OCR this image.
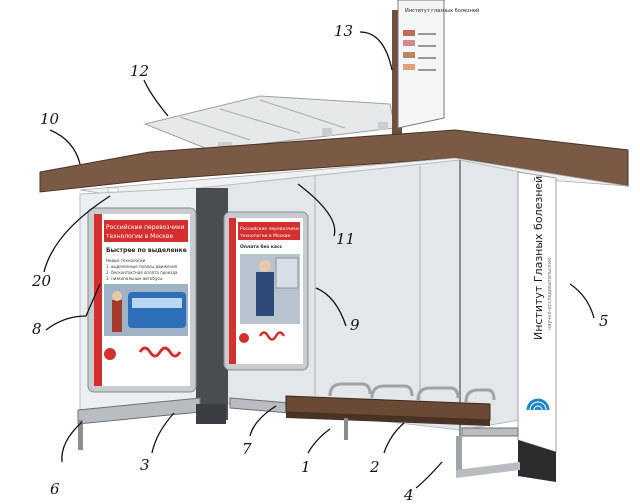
Институт глазных болезней
Российские перевозчики
технологии в Москве
Быстрее по выделенке
Новые технологии
1. выделенные полосы движения
2. бесконтактная оплата проезда
3. низкопольные автобусы
Российские перевозчики
технологии в Москве
Оплата без касс	Институт Глазных болезней научно-исследовательский
1	2
3
4
5
6
7
8	9
10
11
12
13
20
